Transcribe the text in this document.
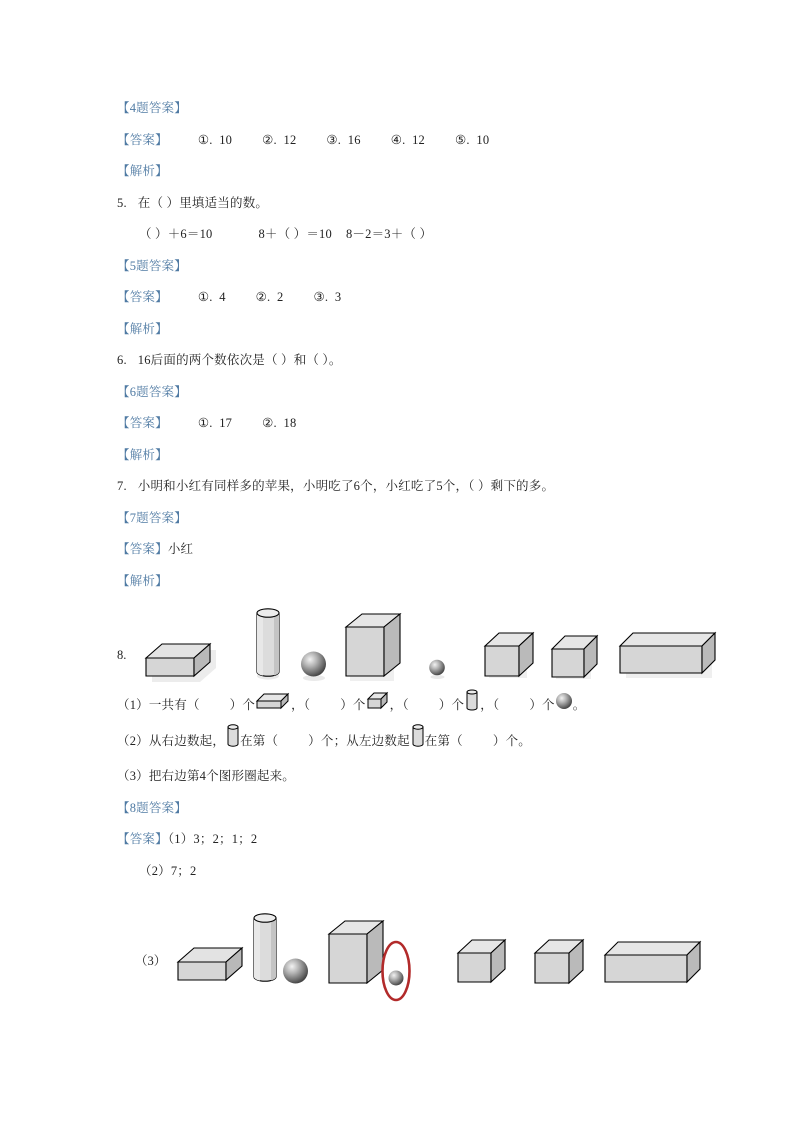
【4题答案】
【答案】 ①. 10 ②. 12 ③. 16 ④. 12 ⑤. 10
【解析】
5. 在（ ）里填适当的数。
（ ）＋6＝10	8＋（ ）＝10 8－2＝3＋（ ）
【5题答案】
【答案】 ①. 4 ②. 2 ③. 3
【解析】
6. 16后面的两个数依次是（ ）和（ ）。
【6题答案】
【答案】 ①. 17 ②. 18
【解析】
7. 小明和小红有同样多的苹果，小明吃了6个，小红吃了5个，（ ）剩下的多。
【7题答案】
【答案】小红
【解析】
8.
（1）一共有（ ）个	，（ ）个 ，（ ）个 ，（ ）个 。
（2）从右边数起， 在第（ ）个；从左边数起 在第（ ）个。
（3）把右边第4个图形圈起来。
【8题答案】
【答案】（1）3；2；1；2
（2）7；2
（3）
